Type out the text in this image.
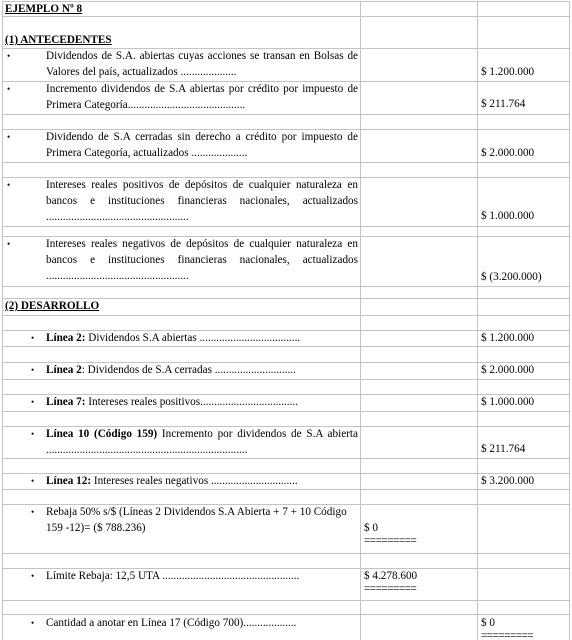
EJEMPLO Nº 8
(1) ANTECEDENTES
•	Dividendos de S.A. abiertas cuyas acciones se transan en Bolsas de Valores del país, actualizados ....................	$ 1.200.000
•	Incremento dividendos de S.A abiertas por crédito por impuesto de Primera Categoría..........................................	$ 211.764
•	Dividendo de S.A cerradas sin derecho a crédito por impuesto de Primera Categoría, actualizados ....................	$ 2.000.000
•	Intereses reales positivos de depósitos de cualquier naturaleza en bancos e instituciones financieras nacionales, actualizados ...................................................	$ 1.000.000
•	Intereses reales negativos de depósitos de cualquier naturaleza en bancos e instituciones financieras nacionales, actualizados ...................................................	$ (3.200.000)
(2) DESARROLLO
• Línea 2: Dividendos S.A abiertas ....................................	$ 1.200.000
• Línea 2: Dividendos de S.A cerradas .............................	$ 2.000.000
• Línea 7: Intereses reales positivos...................................	$ 1.000.000
• Línea 10 (Código 159) Incremento por dividendos de S.A abierta ........................................................................	$ 211.764
• Línea 12: Intereses reales negativos ...............................	$ 3.200.000
• Rebaja 50% s/$ (Líneas 2 Dividendos S.A Abierta + 7 + 10 Código 159 -12)= ($ 788.236)	$ 0
=========
• Límite Rebaja: 12,5 UTA .................................................	$ 4.278.600
=========
• Cantidad a anotar en Línea 17 (Código 700)...................	$ 0
=========
